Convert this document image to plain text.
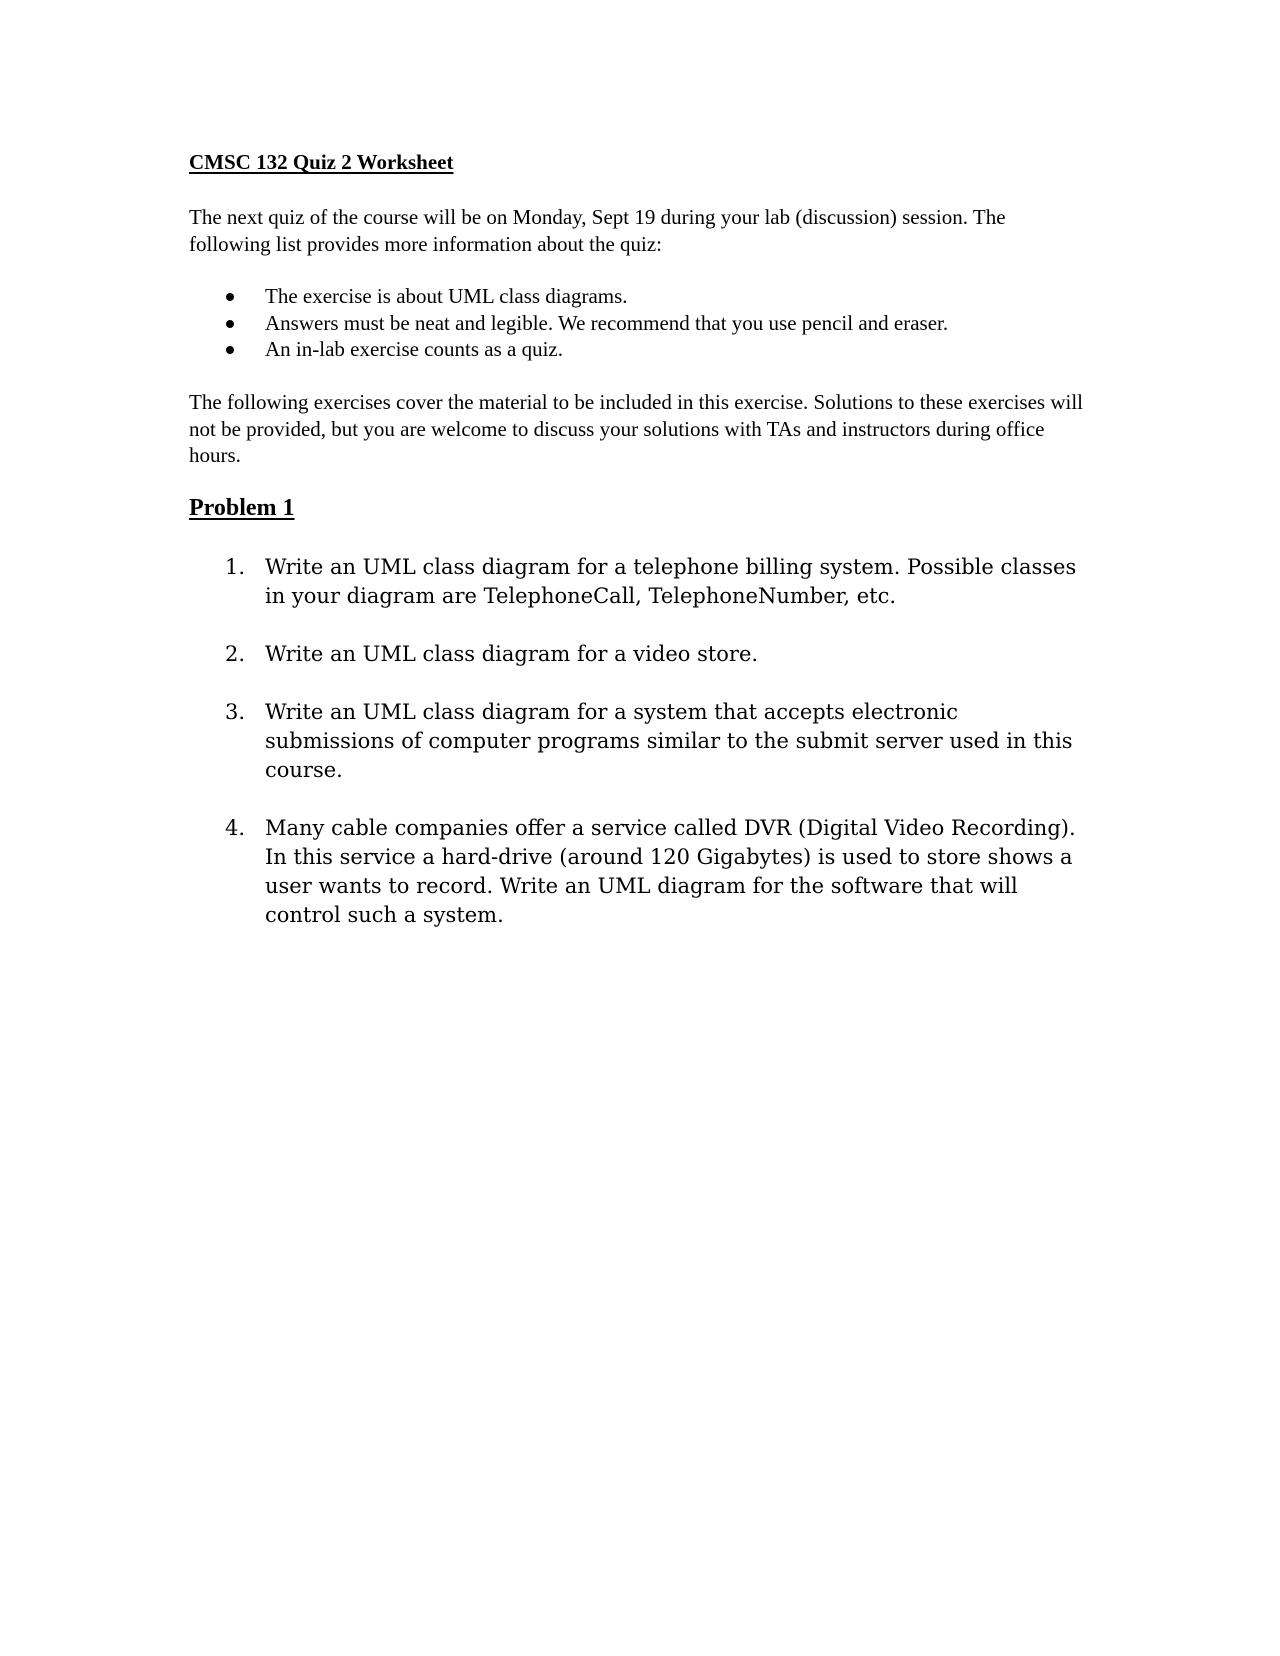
CMSC 132 Quiz 2 Worksheet

The next quiz of the course will be on Monday, Sept 19 during your lab (discussion) session. The following list provides more information about the quiz:

The exercise is about UML class diagrams.
Answers must be neat and legible. We recommend that you use pencil and eraser.
An in-lab exercise counts as a quiz.

The following exercises cover the material to be included in this exercise. Solutions to these exercises will not be provided, but you are welcome to discuss your solutions with TAs and instructors during office hours.

Problem 1
1. Write an UML class diagram for a telephone billing system. Possible classes in your diagram are TelephoneCall, TelephoneNumber, etc.
2. Write an UML class diagram for a video store.
3. Write an UML class diagram for a system that accepts electronic submissions of computer programs similar to the submit server used in this course.
4. Many cable companies offer a service called DVR (Digital Video Recording). In this service a hard-drive (around 120 Gigabytes) is used to store shows a user wants to record. Write an UML diagram for the software that will control such a system.
